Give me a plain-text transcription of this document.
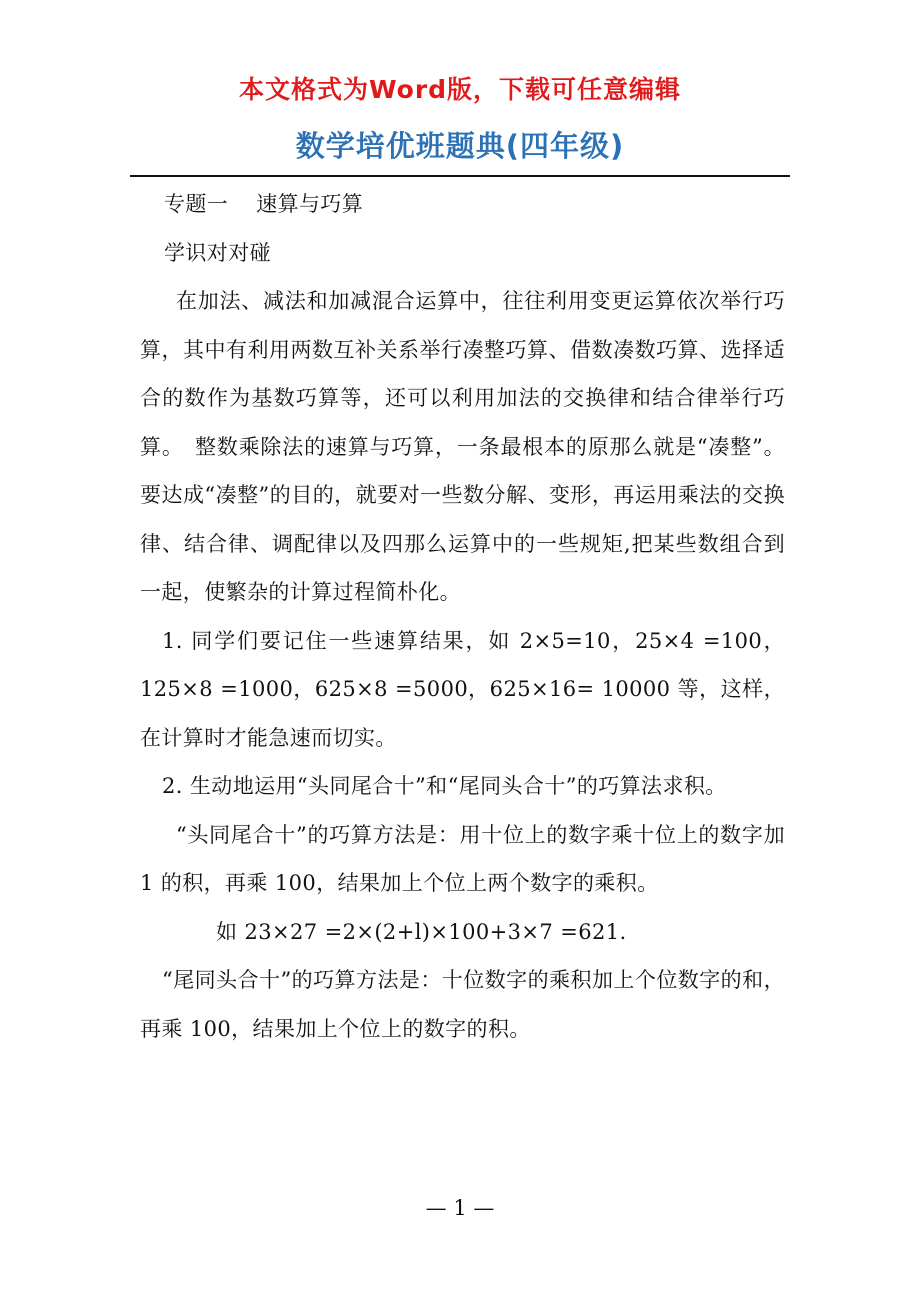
本文格式为Word版，下载可任意编辑
数学培优班题典(四年级)

专题一 速算与巧算

学识对对碰

在加法、减法和加减混合运算中，往往利用变更运算依次举行巧算，其中有利用两数互补关系举行凑整巧算、借数凑数巧算、选择适合的数作为基数巧算等，还可以利用加法的交换律和结合律举行巧算。　整数乘除法的速算与巧算，一条最根本的原那么就是“凑整”。要达成“凑整”的目的，就要对一些数分解、变形，再运用乘法的交换律、结合律、调配律以及四那么运算中的一些规矩,把某些数组合到一起，使繁杂的计算过程简朴化。

1. 同学们要记住一些速算结果，如 2×5=10，25×4 =100，125×8 =1000，625×8 =5000，625×16= 10000 等，这样，在计算时才能急速而切实。

2. 生动地运用“头同尾合十”和“尾同头合十”的巧算法求积。

“头同尾合十”的巧算方法是：用十位上的数字乘十位上的数字加 1 的积，再乘 100，结果加上个位上两个数字的乘积。

如 23×27 =2×(2+l)×100+3×7 =621.

“尾同头合十”的巧算方法是：十位数字的乘积加上个位数字的和，再乘 100，结果加上个位上的数字的积。

— 1 —
